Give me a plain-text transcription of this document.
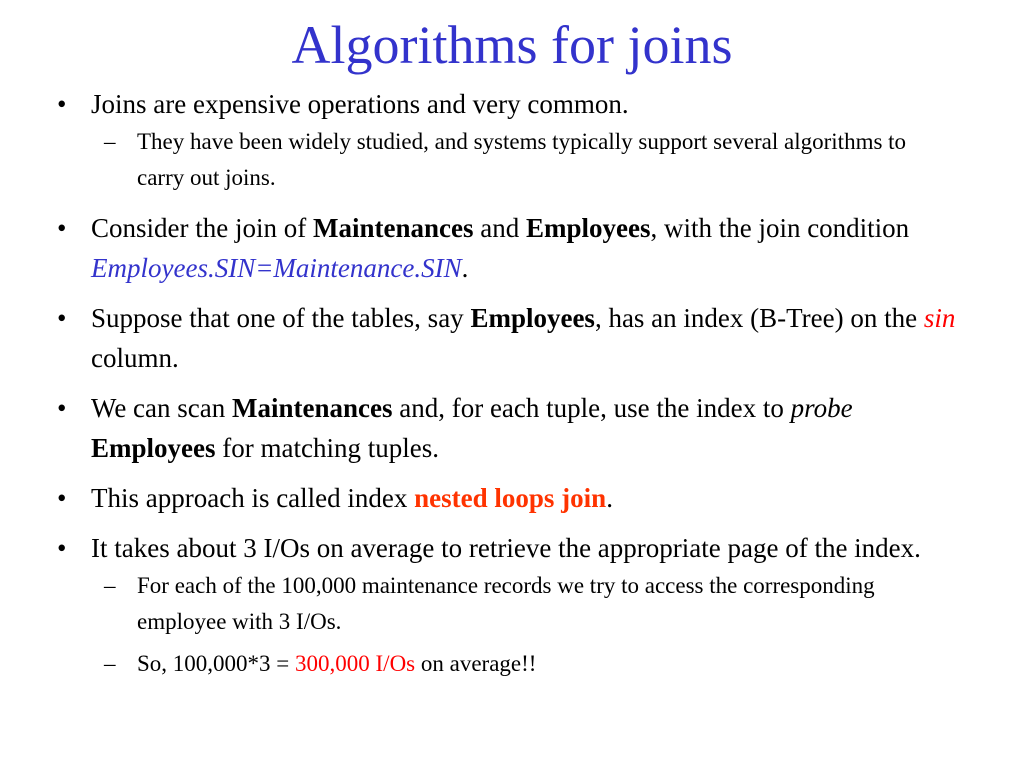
Algorithms for joins
• Joins are expensive operations and very common.
– They have been widely studied, and systems typically support several algorithms to carry out joins.
• Consider the join of Maintenances and Employees, with the join condition Employees.SIN=Maintenance.SIN.
• Suppose that one of the tables, say Employees, has an index (B-Tree) on the sin column.
• We can scan Maintenances and, for each tuple, use the index to probe Employees for matching tuples.
• This approach is called index nested loops join.
• It takes about 3 I/Os on average to retrieve the appropriate page of the index.
– For each of the 100,000 maintenance records we try to access the corresponding employee with 3 I/Os.
– So, 100,000*3 = 300,000 I/Os on average!!
